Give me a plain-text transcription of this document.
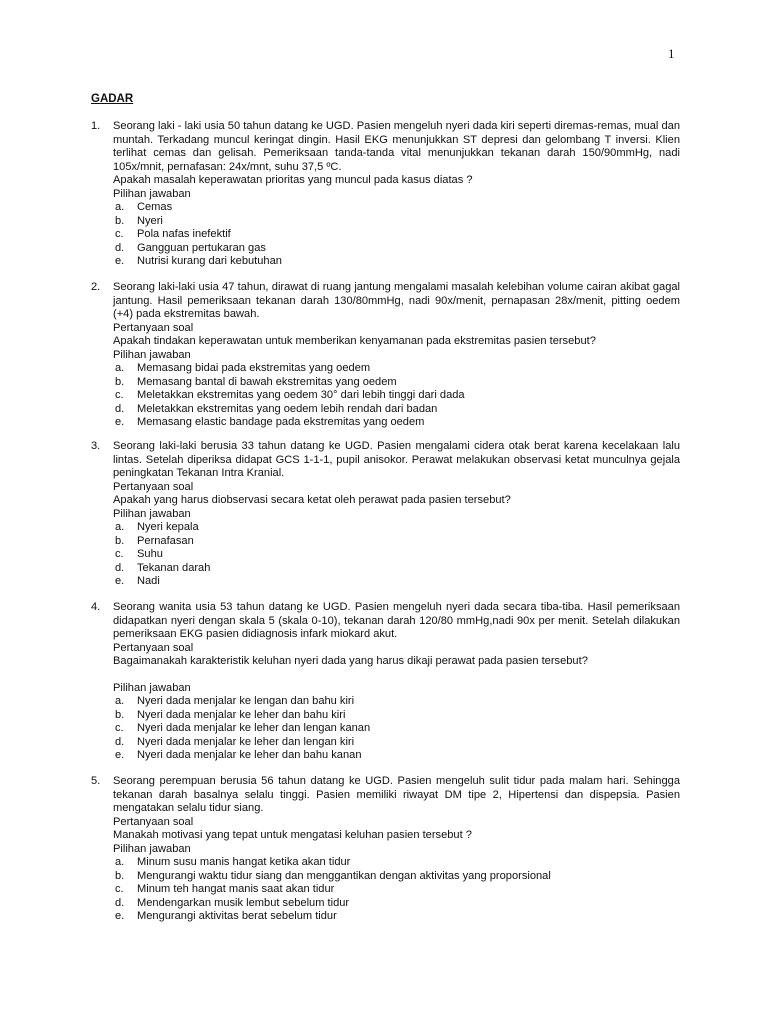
1
GADAR
1. Seorang laki - laki usia 50 tahun datang ke UGD. Pasien mengeluh nyeri dada kiri seperti diremas-remas, mual dan muntah. Terkadang muncul keringat dingin. Hasil EKG menunjukkan ST depresi dan gelombang T inversi. Klien terlihat cemas dan gelisah. Pemeriksaan tanda-tanda vital menunjukkan tekanan darah 150/90mmHg, nadi 105x/mnit, pernafasan: 24x/mnt, suhu 37,5 ºC.
Apakah masalah keperawatan prioritas yang muncul pada kasus diatas ?
Pilihan jawaban
a. Cemas
b. Nyeri
c. Pola nafas inefektif
d. Gangguan pertukaran gas
e. Nutrisi kurang dari kebutuhan
2. Seorang laki-laki usia 47 tahun, dirawat di ruang jantung mengalami masalah kelebihan volume cairan akibat gagal jantung. Hasil pemeriksaan tekanan darah 130/80mmHg, nadi 90x/menit, pernapasan 28x/menit, pitting oedem (+4) pada ekstremitas bawah.
Pertanyaan soal
Apakah tindakan keperawatan untuk memberikan kenyamanan pada ekstremitas pasien tersebut?
Pilihan jawaban
a. Memasang bidai pada ekstremitas yang oedem
b. Memasang bantal di bawah ekstremitas yang oedem
c. Meletakkan ekstremitas yang oedem 30° dari lebih tinggi dari dada
d. Meletakkan ekstremitas yang oedem lebih rendah dari badan
e. Memasang elastic bandage pada ekstremitas yang oedem
3. Seorang laki-laki berusia 33 tahun datang ke UGD. Pasien mengalami cidera otak berat karena kecelakaan lalu lintas. Setelah diperiksa didapat GCS 1-1-1, pupil anisokor. Perawat melakukan observasi ketat munculnya gejala peningkatan Tekanan Intra Kranial.
Pertanyaan soal
Apakah yang harus diobservasi secara ketat oleh perawat pada pasien tersebut?
Pilihan jawaban
a. Nyeri kepala
b. Pernafasan
c. Suhu
d. Tekanan darah
e. Nadi
4. Seorang wanita usia 53 tahun datang ke UGD. Pasien mengeluh nyeri dada secara tiba-tiba. Hasil pemeriksaan didapatkan nyeri dengan skala 5 (skala 0-10), tekanan darah 120/80 mmHg,nadi 90x per menit. Setelah dilakukan pemeriksaan EKG pasien didiagnosis infark miokard akut.
Pertanyaan soal
Bagaimanakah karakteristik keluhan nyeri dada yang harus dikaji perawat pada pasien tersebut?
Pilihan jawaban
a. Nyeri dada menjalar ke lengan dan bahu kiri
b. Nyeri dada menjalar ke leher dan bahu kiri
c. Nyeri dada menjalar ke leher dan lengan kanan
d. Nyeri dada menjalar ke leher dan lengan kiri
e. Nyeri dada menjalar ke leher dan bahu kanan
5. Seorang perempuan berusia 56 tahun datang ke UGD. Pasien mengeluh sulit tidur pada malam hari. Sehingga tekanan darah basalnya selalu tinggi. Pasien memiliki riwayat DM tipe 2, Hipertensi dan dispepsia. Pasien mengatakan selalu tidur siang.
Pertanyaan soal
Manakah motivasi yang tepat untuk mengatasi keluhan pasien tersebut ?
Pilihan jawaban
a. Minum susu manis hangat ketika akan tidur
b. Mengurangi waktu tidur siang dan menggantikan dengan aktivitas yang proporsional
c. Minum teh hangat manis saat akan tidur
d. Mendengarkan musik lembut sebelum tidur
e. Mengurangi aktivitas berat sebelum tidur
